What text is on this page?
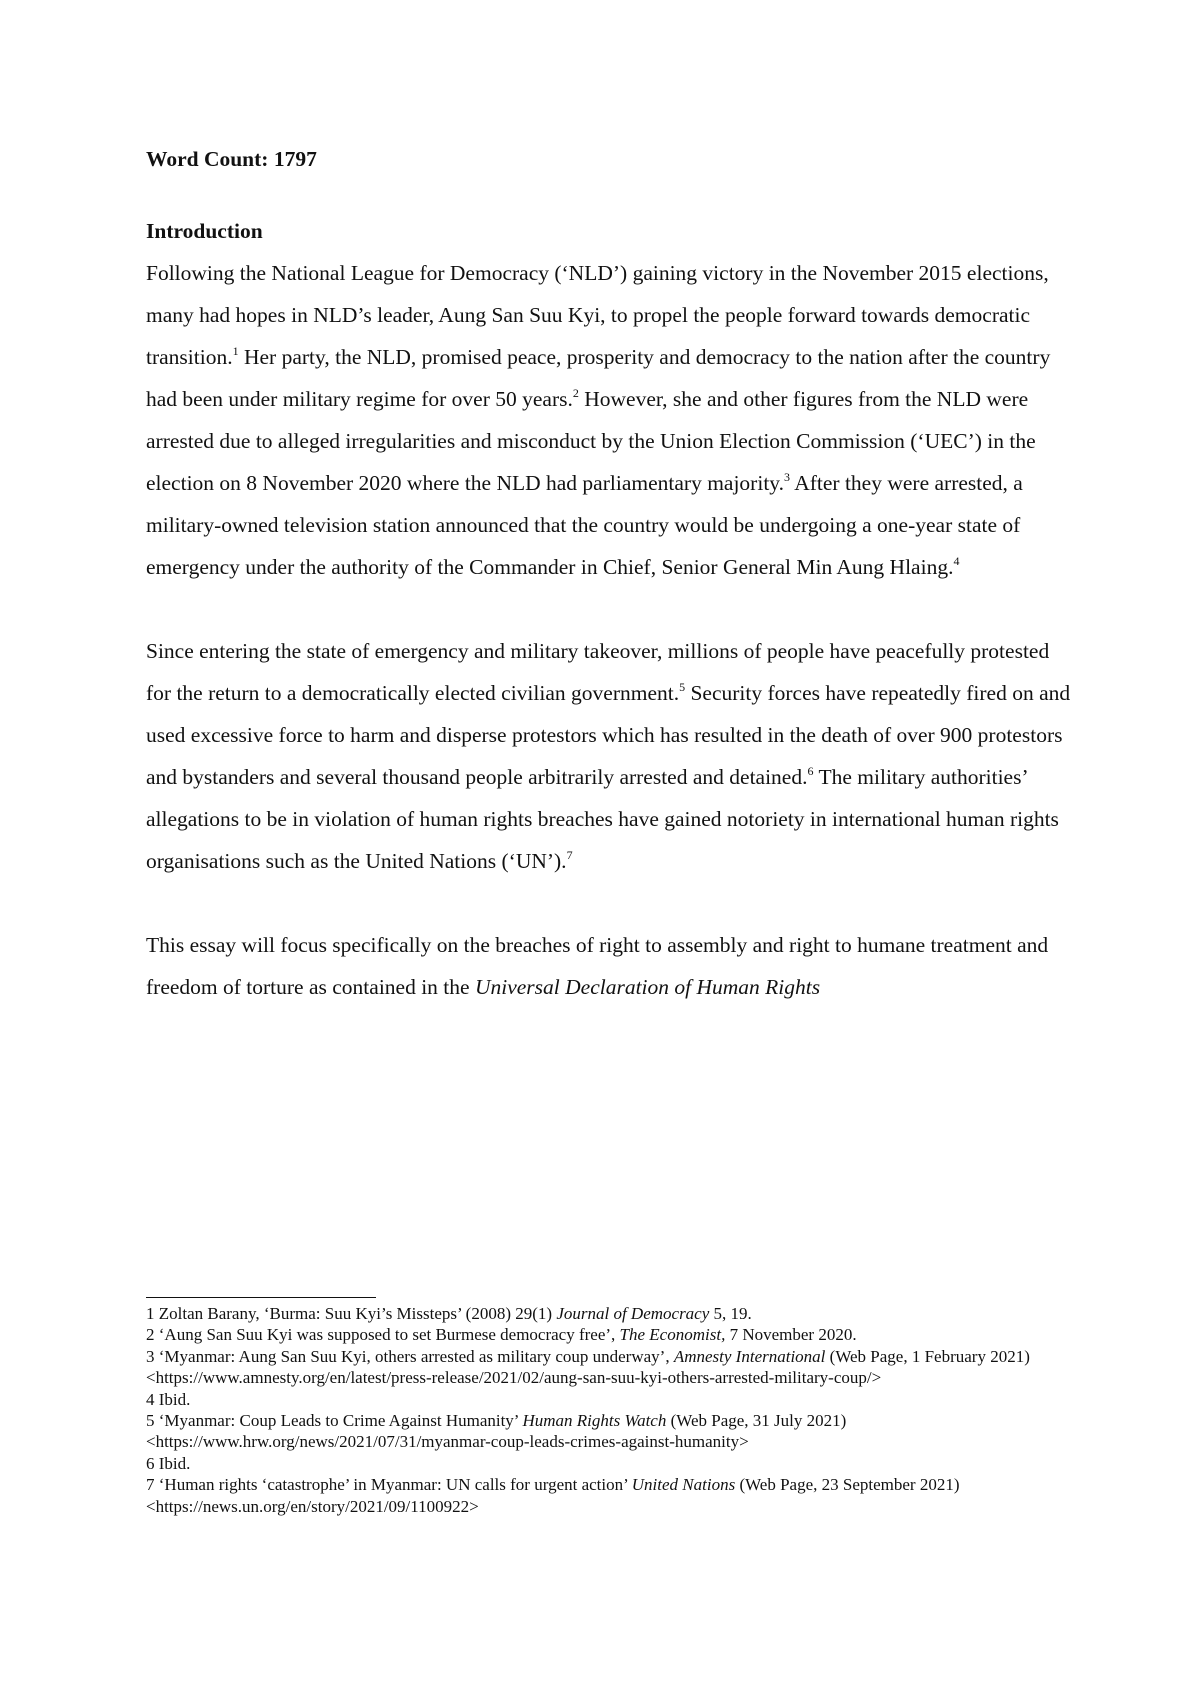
Word Count: 1797

Introduction

Following the National League for Democracy (‘NLD’) gaining victory in the November 2015 elections, many had hopes in NLD’s leader, Aung San Suu Kyi, to propel the people forward towards democratic transition.$^1$ Her party, the NLD, promised peace, prosperity and democracy to the nation after the country had been under military regime for over 50 years.$^2$ However, she and other figures from the NLD were arrested due to alleged irregularities and misconduct by the Union Election Commission (‘UEC’) in the election on 8 November 2020 where the NLD had parliamentary majority.$^3$ After they were arrested, a military-owned television station announced that the country would be undergoing a one-year state of emergency under the authority of the Commander in Chief, Senior General Min Aung Hlaing.$^4$

Since entering the state of emergency and military takeover, millions of people have peacefully protested for the return to a democratically elected civilian government.$^5$ Security forces have repeatedly fired on and used excessive force to harm and disperse protestors which has resulted in the death of over 900 protestors and bystanders and several thousand people arbitrarily arrested and detained.$^6$ The military authorities’ allegations to be in violation of human rights breaches have gained notoriety in international human rights organisations such as the United Nations (‘UN’).$^7$

This essay will focus specifically on the breaches of right to assembly and right to humane treatment and freedom of torture as contained in the Universal Declaration of Human Rights

1 Zoltan Barany, ‘Burma: Suu Kyi’s Missteps’ (2008) 29(1) Journal of Democracy 5, 19.

2 ‘Aung San Suu Kyi was supposed to set Burmese democracy free’, The Economist, 7 November 2020.

3 ‘Myanmar: Aung San Suu Kyi, others arrested as military coup underway’, Amnesty International (Web Page, 1 February 2021) <https://www.amnesty.org/en/latest/press-release/2021/02/aung-san-suu-kyi-others-arrested-military-coup/>

4 Ibid.

5 ‘Myanmar: Coup Leads to Crime Against Humanity’ Human Rights Watch (Web Page, 31 July 2021) <https://www.hrw.org/news/2021/07/31/myanmar-coup-leads-crimes-against-humanity>

6 Ibid.

7 ‘Human rights ‘catastrophe’ in Myanmar: UN calls for urgent action’ United Nations (Web Page, 23 September 2021) <https://news.un.org/en/story/2021/09/1100922>
